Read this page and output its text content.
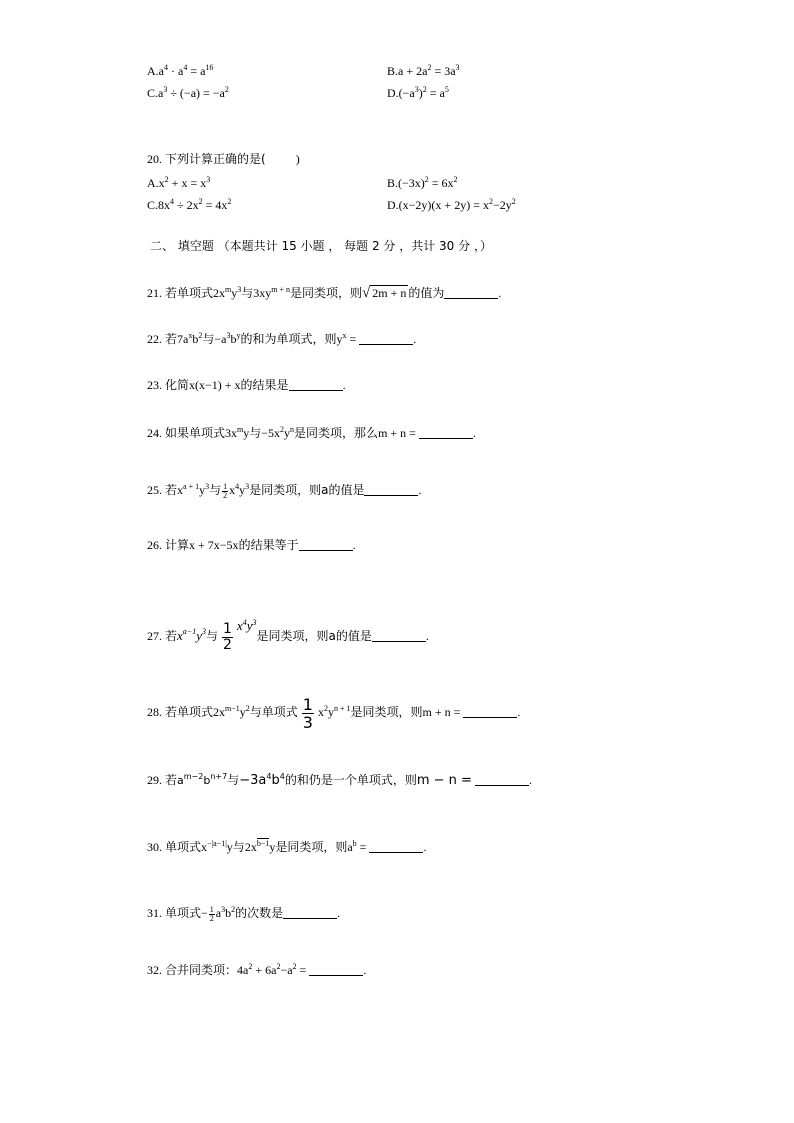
$A.a^4 \cdot a^4 = a^{16}$	$B.a + 2a^2 = 3a^3$
$C.a^3 \div (-a) = -a^2$	$D.(-a^3)^2 = a^5$
20. 下列计算正确的是(	)
$A.x^2 + x = x^3$	$B.(-3x)^2 = 6x^2$
$C.8x^4 \div 2x^2 = 4x^2$	$D.(x-2y)(x + 2y) = x^2-2y^2$
二、 填空题 （本题共计 15 小题 ， 每题 2 分 ，共计 30 分 ，）
21. 若单项式$2x^my^3$与$3xy^{m + n}$是同类项，则√ 2m + n 的值为	.
22. 若$7a^xb^2$与$-a^3b^y$的和为单项式，则$y^x$ =	.
23. 化简x(x−1) + x的结果是	.
24. 如果单项式$3x^my$与$-5x^2y^n$是同类项，那么m + n =	.
25. 若$x^{a + 1}y^3$与 $\frac{1}{2} x^4y^3$是同类项，则a的值是	.
26. 计算x + 7x−5x的结果等于	.
27. 若$x^{a-1}y^3$与 $\frac{1}{2} x^4y^3$是同类项，则a的值是	.
28. 若单项式$2x^{m-1}y^2$与单项式 $\frac{1}{3} x^2y^{n + 1}$是同类项，则m + n =	.
29. 若$a^{m-2}b^{n+7}$与$-3a^4b^4$的和仍是一个单项式，则m − n =	.
30. 单项式$x^{-|a-1|}y$与$2x^{b-1}y$是同类项，则$a^b$ =	.
31. 单项式− $\frac{1}{2} a^3b^2$的次数是	.
32. 合并同类项：$4a^2 + 6a^2-a^2$ =	.
